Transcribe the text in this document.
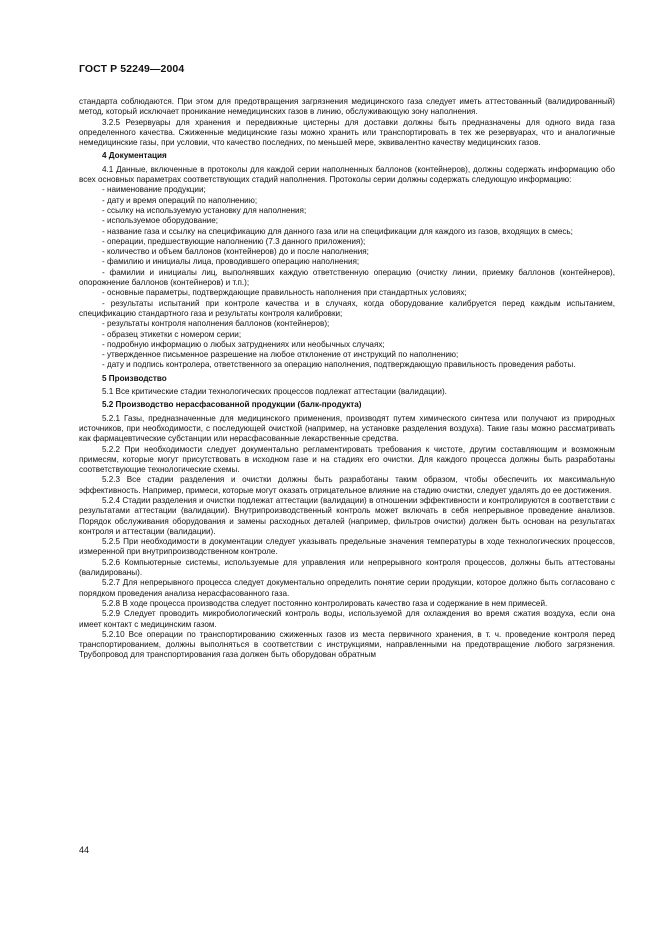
ГОСТ Р 52249—2004

стандарта соблюдаются. При этом для предотвращения загрязнения медицинского газа следует иметь аттестованный (валидированный) метод, который исключает проникание немедицинских газов в линию, обслуживающую зону наполнения.

3.2.5 Резервуары для хранения и передвижные цистерны для доставки должны быть предназначены для одного вида газа определенного качества. Сжиженные медицинские газы можно хранить или транспортировать в тех же резервуарах, что и аналогичные немедицинские газы, при условии, что качество последних, по меньшей мере, эквивалентно качеству медицинских газов.

4 Документация

4.1 Данные, включенные в протоколы для каждой серии наполненных баллонов (контейнеров), должны содержать информацию обо всех основных параметрах соответствующих стадий наполнения. Протоколы серии должны содержать следующую информацию:

- наименование продукции;

- дату и время операций по наполнению;

- ссылку на используемую установку для наполнения;

- используемое оборудование;

- название газа и ссылку на спецификацию для данного газа или на спецификации для каждого из газов, входящих в смесь;

- операции, предшествующие наполнению (7.3 данного приложения);

- количество и объем баллонов (контейнеров) до и после наполнения;

- фамилию и инициалы лица, проводившего операцию наполнения;

- фамилии и инициалы лиц, выполнявших каждую ответственную операцию (очистку линии, приемку баллонов (контейнеров), опорожнение баллонов (контейнеров) и т.п.);

- основные параметры, подтверждающие правильность наполнения при стандартных условиях;

- результаты испытаний при контроле качества и в случаях, когда оборудование калибруется перед каждым испытанием, спецификацию стандартного газа и результаты контроля калибровки;

- результаты контроля наполнения баллонов (контейнеров);

- образец этикетки с номером серии;

- подробную информацию о любых затруднениях или необычных случаях;

- утвержденное письменное разрешение на любое отклонение от инструкций по наполнению;

- дату и подпись контролера, ответственного за операцию наполнения, подтверждающую правильность проведения работы.

5 Производство

5.1 Все критические стадии технологических процессов подлежат аттестации (валидации).

5.2 Производство нерасфасованной продукции (балк-продукта)

5.2.1 Газы, предназначенные для медицинского применения, производят путем химического синтеза или получают из природных источников, при необходимости, с последующей очисткой (например, на установке разделения воздуха). Такие газы можно рассматривать как фармацевтические субстанции или нерасфасованные лекарственные средства.

5.2.2 При необходимости следует документально регламентировать требования к чистоте, другим составляющим и возможным примесям, которые могут присутствовать в исходном газе и на стадиях его очистки. Для каждого процесса должны быть разработаны соответствующие технологические схемы.

5.2.3 Все стадии разделения и очистки должны быть разработаны таким образом, чтобы обеспечить их максимальную эффективность. Например, примеси, которые могут оказать отрицательное влияние на стадию очистки, следует удалять до ее достижения.

5.2.4 Стадии разделения и очистки подлежат аттестации (валидации) в отношении эффективности и контролируются в соответствии с результатами аттестации (валидации). Внутрипроизводственный контроль может включать в себя непрерывное проведение анализов. Порядок обслуживания оборудования и замены расходных деталей (например, фильтров очистки) должен быть основан на результатах контроля и аттестации (валидации).

5.2.5 При необходимости в документации следует указывать предельные значения температуры в ходе технологических процессов, измеренной при внутрипроизводственном контроле.

5.2.6 Компьютерные системы, используемые для управления или непрерывного контроля процессов, должны быть аттестованы (валидированы).

5.2.7 Для непрерывного процесса следует документально определить понятие серии продукции, которое должно быть согласовано с порядком проведения анализа нерасфасованного газа.

5.2.8 В ходе процесса производства следует постоянно контролировать качество газа и содержание в нем примесей.

5.2.9 Следует проводить микробиологический контроль воды, используемой для охлаждения во время сжатия воздуха, если она имеет контакт с медицинским газом.

5.2.10 Все операции по транспортированию сжиженных газов из места первичного хранения, в т. ч. проведение контроля перед транспортированием, должны выполняться в соответствии с инструкциями, направленными на предотвращение любого загрязнения. Трубопровод для транспортирования газа должен быть оборудован обратным

44
